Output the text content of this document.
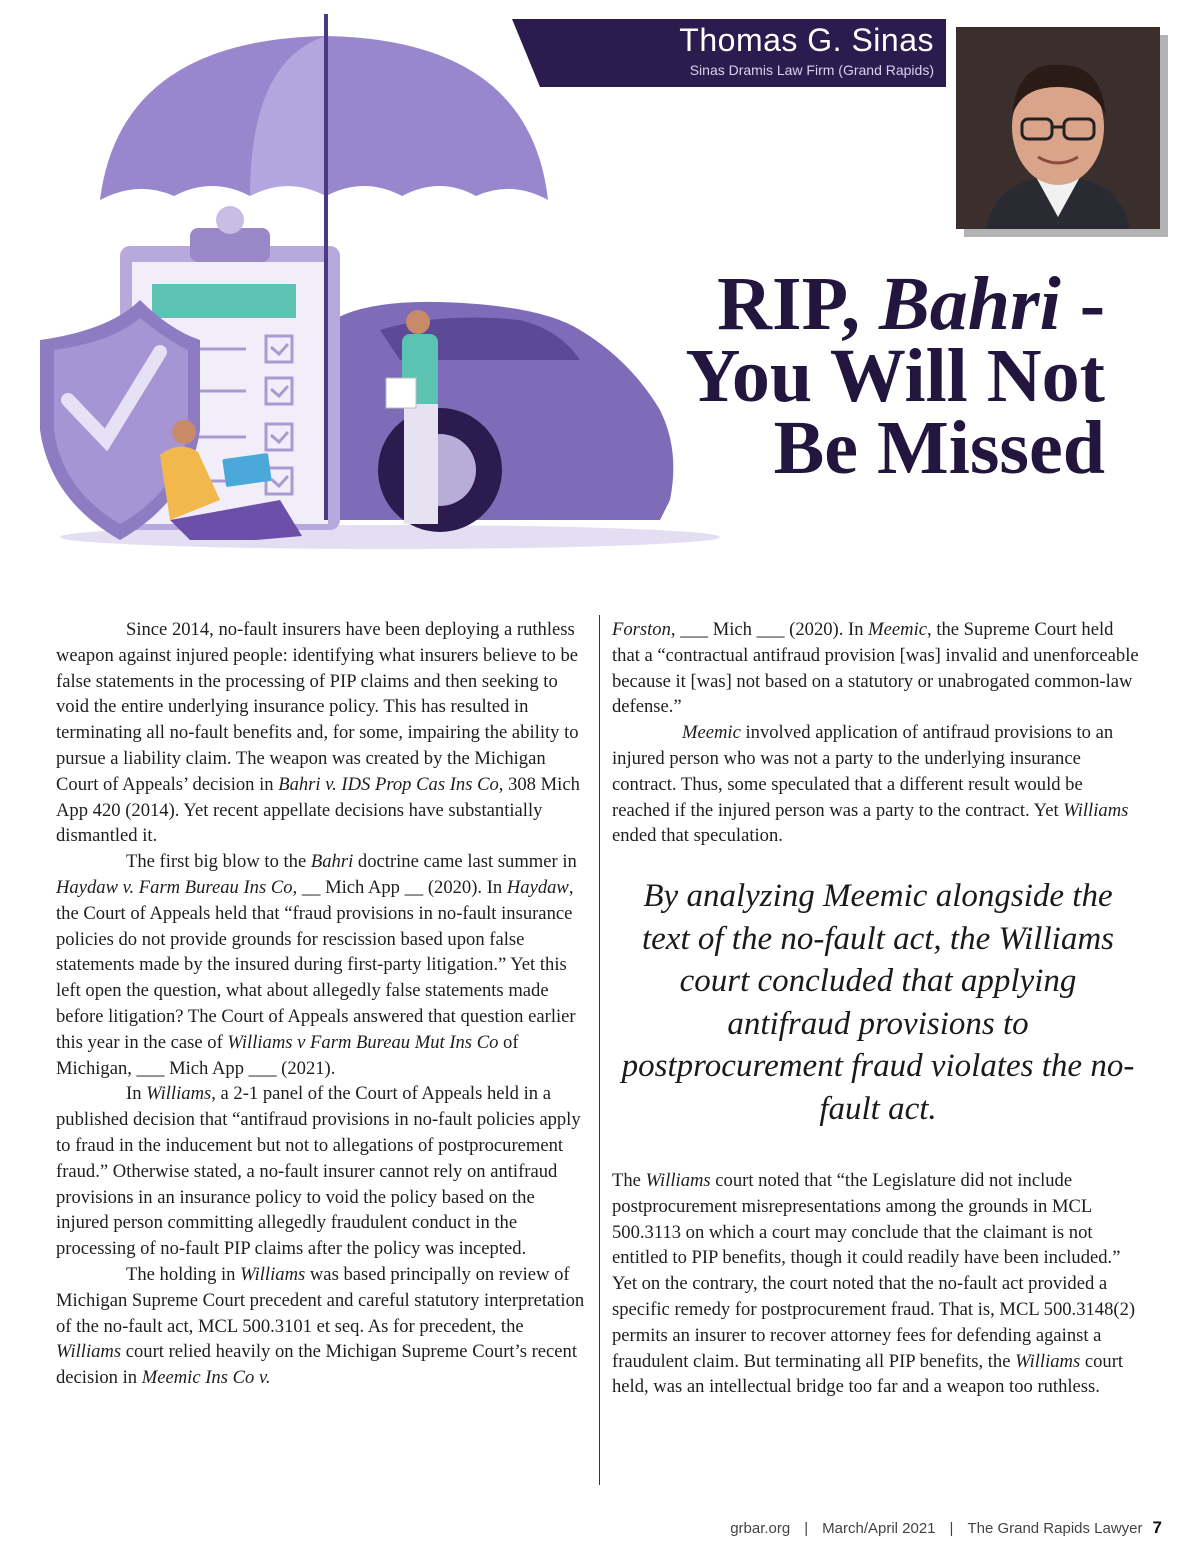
Thomas G. Sinas
Sinas Dramis Law Firm (Grand Rapids)
RIP, Bahri -
You Will Not
Be Missed

Since 2014, no-fault insurers have been deploying a ruthless weapon against injured people: identifying what insurers believe to be false statements in the processing of PIP claims and then seeking to void the entire underlying insurance policy. This has resulted in terminating all no-fault benefits and, for some, impairing the ability to pursue a liability claim. The weapon was created by the Michigan Court of Appeals’ decision in Bahri v. IDS Prop Cas Ins Co, 308 Mich App 420 (2014). Yet recent appellate decisions have substantially dismantled it.

The first big blow to the Bahri doctrine came last summer in Haydaw v. Farm Bureau Ins Co, __ Mich App __ (2020). In Haydaw, the Court of Appeals held that “fraud provisions in no-fault insurance policies do not provide grounds for rescission based upon false statements made by the insured during first-party litigation.” Yet this left open the question, what about allegedly false statements made before litigation? The Court of Appeals answered that question earlier this year in the case of Williams v Farm Bureau Mut Ins Co of Michigan, ___ Mich App ___ (2021).

In Williams, a 2-1 panel of the Court of Appeals held in a published decision that “antifraud provisions in no-fault policies apply to fraud in the inducement but not to allegations of postprocurement fraud.” Otherwise stated, a no-fault insurer cannot rely on antifraud provisions in an insurance policy to void the policy based on the injured person committing allegedly fraudulent conduct in the processing of no-fault PIP claims after the policy was incepted.

The holding in Williams was based principally on review of Michigan Supreme Court precedent and careful statutory interpretation of the no-fault act, MCL 500.3101 et seq. As for precedent, the Williams court relied heavily on the Michigan Supreme Court’s recent decision in Meemic Ins Co v.

Forston, ___ Mich ___ (2020). In Meemic, the Supreme Court held that a “contractual antifraud provision [was] invalid and unenforceable because it [was] not based on a statutory or unabrogated common-law defense.”

Meemic involved application of antifraud provisions to an injured person who was not a party to the underlying insurance contract. Thus, some speculated that a different result would be reached if the injured person was a party to the contract. Yet Williams ended that speculation.

By analyzing Meemic alongside the text of the no-fault act, the Williams court concluded that applying antifraud provisions to postprocurement fraud violates the no-fault act.

The Williams court noted that “the Legislature did not include postprocurement misrepresentations among the grounds in MCL 500.3113 on which a court may conclude that the claimant is not entitled to PIP benefits, though it could readily have been included.” Yet on the contrary, the court noted that the no-fault act provided a specific remedy for postprocurement fraud. That is, MCL 500.3148(2) permits an insurer to recover attorney fees for defending against a fraudulent claim. But terminating all PIP benefits, the Williams court held, was an intellectual bridge too far and a weapon too ruthless.

grbar.org | March/April 2021 | The Grand Rapids Lawyer 7
